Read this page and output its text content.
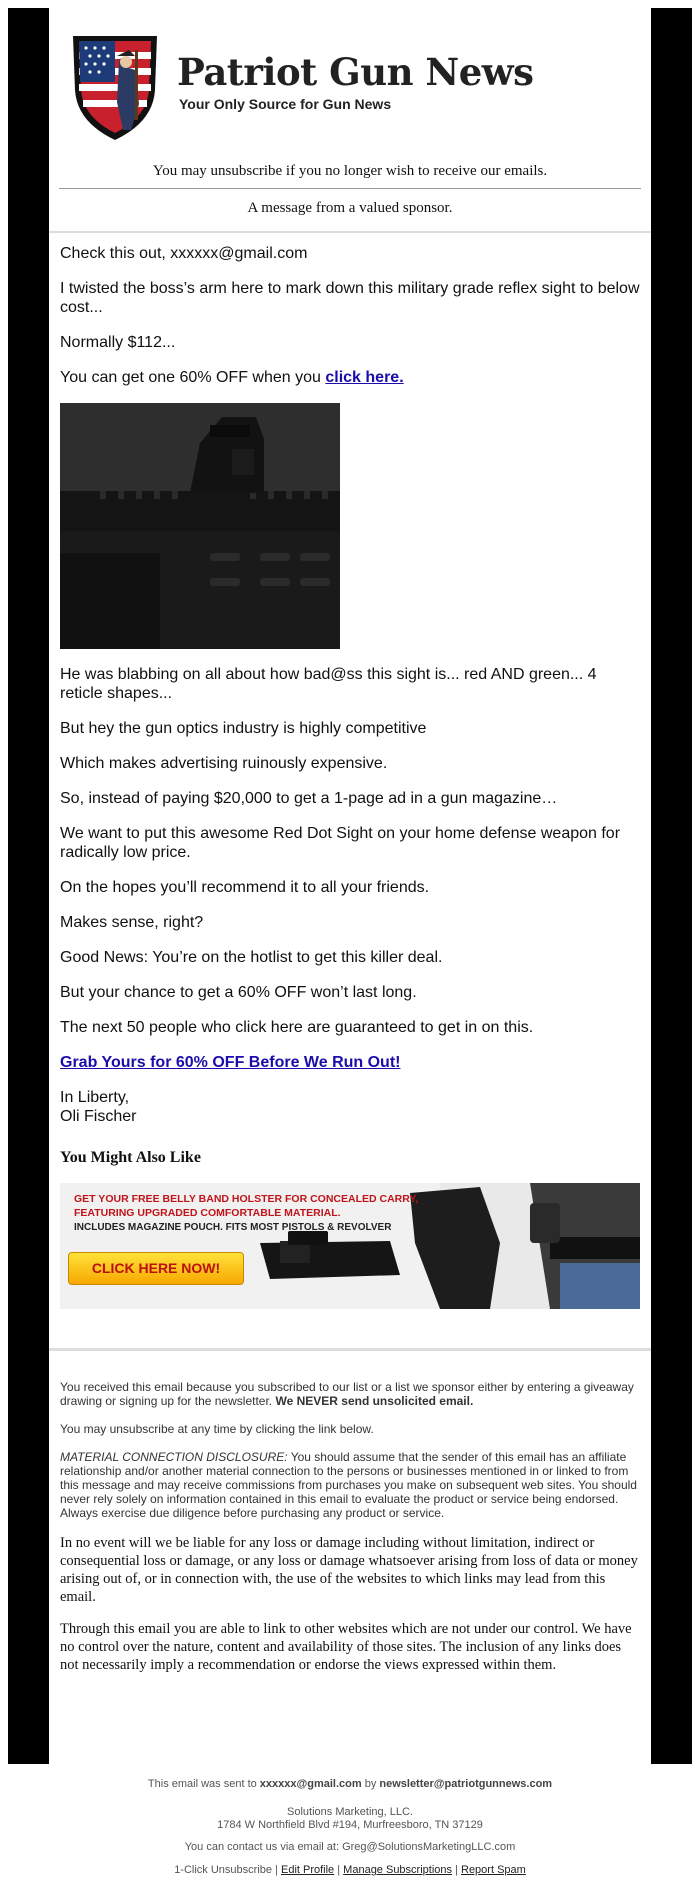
Patriot Gun News
Your Only Source for Gun News
You may unsubscribe if you no longer wish to receive our emails.
A message from a valued sponsor.

Check this out, xxxxxx@gmail.com

I twisted the boss’s arm here to mark down this military grade reflex sight to below cost...

Normally $112...

You can get one 60% OFF when you click here.

He was blabbing on all about how bad@ss this sight is... red AND green... 4 reticle shapes...

But hey the gun optics industry is highly competitive

Which makes advertising ruinously expensive.

So, instead of paying $20,000 to get a 1-page ad in a gun magazine…

We want to put this awesome Red Dot Sight on your home defense weapon for radically low price.

On the hopes you’ll recommend it to all your friends.

Makes sense, right?

Good News: You’re on the hotlist to get this killer deal.

But your chance to get a 60% OFF won’t last long.

The next 50 people who click here are guaranteed to get in on this.

Grab Yours for 60% OFF Before We Run Out!

In Liberty,
Oli Fischer

You Might Also Like
GET YOUR FREE BELLY BAND HOLSTER FOR CONCEALED CARRY,
FEATURING UPGRADED COMFORTABLE MATERIAL.
INCLUDES MAGAZINE POUCH. FITS MOST PISTOLS & REVOLVER
CLICK HERE NOW!

You received this email because you subscribed to our list or a list we sponsor either by entering a giveaway drawing or signing up for the newsletter. We NEVER send unsolicited email.

You may unsubscribe at any time by clicking the link below.

MATERIAL CONNECTION DISCLOSURE: You should assume that the sender of this email has an affiliate relationship and/or another material connection to the persons or businesses mentioned in or linked to from this message and may receive commissions from purchases you make on subsequent web sites. You should never rely solely on information contained in this email to evaluate the product or service being endorsed. Always exercise due diligence before purchasing any product or service.

In no event will we be liable for any loss or damage including without limitation, indirect or consequential loss or damage, or any loss or damage whatsoever arising from loss of data or money arising out of, or in connection with, the use of the websites to which links may lead from this email.

Through this email you are able to link to other websites which are not under our control. We have no control over the nature, content and availability of those sites. The inclusion of any links does not necessarily imply a recommendation or endorse the views expressed within them.

This email was sent to xxxxxx@gmail.com by newsletter@patriotgunnews.com
Solutions Marketing, LLC.
1784 W Northfield Blvd #194, Murfreesboro, TN 37129
You can contact us via email at: Greg@SolutionsMarketingLLC.com
1-Click Unsubscribe | Edit Profile | Manage Subscriptions | Report Spam
